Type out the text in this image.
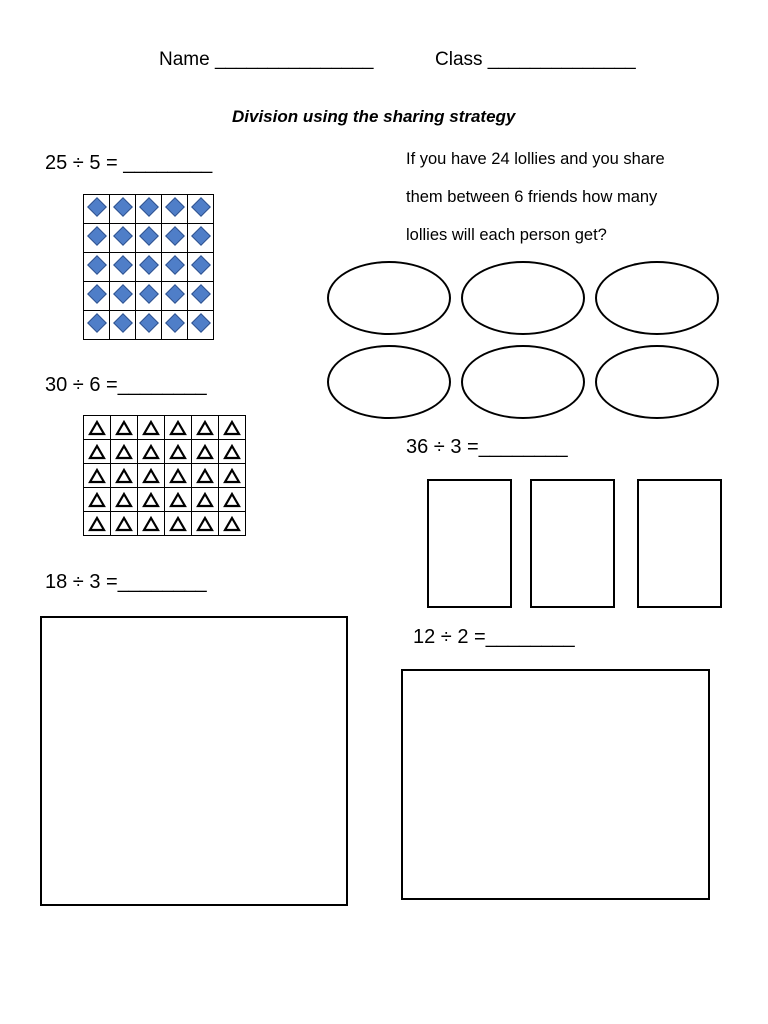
Name _______________	Class ______________
Division using the sharing strategy
25 ÷ 5 = ________

30 ÷ 6 =________

18 ÷ 3 =________
If you have 24 lollies and you share
them between 6 friends how many
lollies will each person get?
36 ÷ 3 =________
12 ÷ 2 =________
